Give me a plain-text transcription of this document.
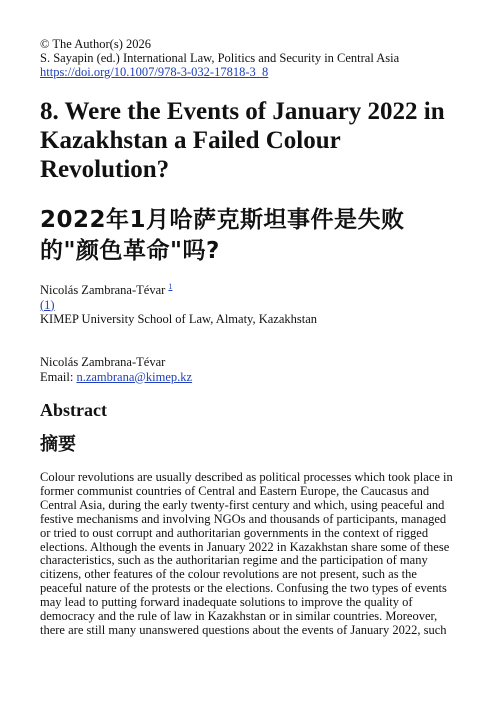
© The Author(s) 2026
S. Sayapin (ed.) International Law, Politics and Security in Central Asia
https://doi.org/10.1007/978-3-032-17818-3_8
8. Were the Events of January 2022 in
Kazakhstan a Failed Colour
Revolution?
2022年1月哈萨克斯坦事件是失败
的"颜色革命"吗?
Nicolás Zambrana-Tévar $^1$
(1)
KIMEP University School of Law, Almaty, Kazakhstan
Nicolás Zambrana-Tévar
Email: n.zambrana@kimep.kz
Abstract
摘要
Colour revolutions are usually described as political processes which took place in
former communist countries of Central and Eastern Europe, the Caucasus and
Central Asia, during the early twenty-first century and which, using peaceful and
festive mechanisms and involving NGOs and thousands of participants, managed
or tried to oust corrupt and authoritarian governments in the context of rigged
elections. Although the events in January 2022 in Kazakhstan share some of these
characteristics, such as the authoritarian regime and the participation of many
citizens, other features of the colour revolutions are not present, such as the
peaceful nature of the protests or the elections. Confusing the two types of events
may lead to putting forward inadequate solutions to improve the quality of
democracy and the rule of law in Kazakhstan or in similar countries. Moreover,
there are still many unanswered questions about the events of January 2022, such
